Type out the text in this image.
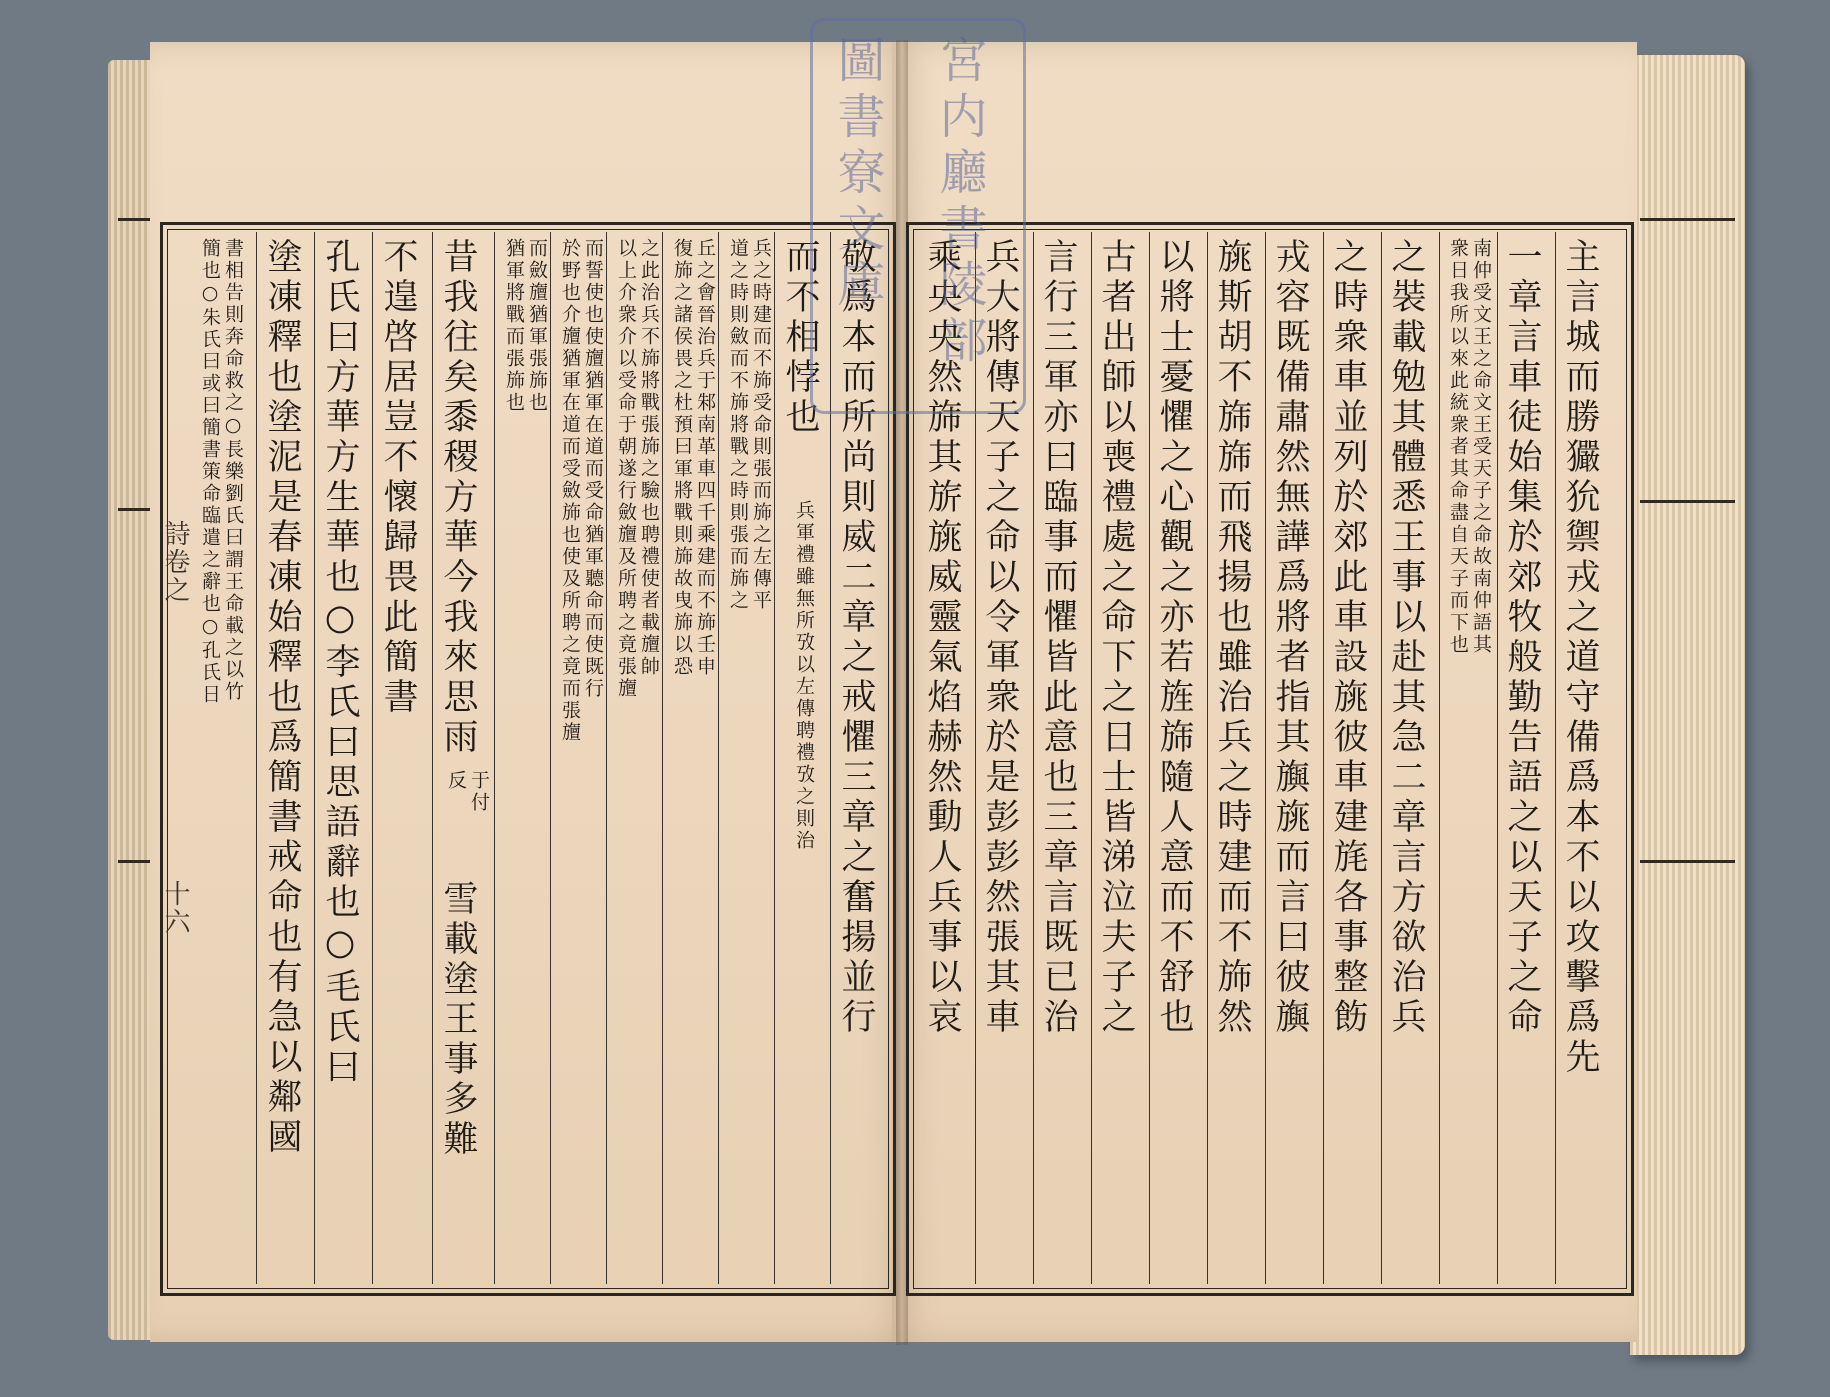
詩卷之
十六	主言城而勝玁狁禦戎之道守備爲本不以攻擊爲先
一章言車徒始集於郊牧般勤告語之以天子之命
南仲受文王之命文王受天子之命故南仲語其
衆日我所以來此統衆者其命盡自天子而下也
之裝載勉其體悉王事以赴其急二章言方欲治兵
之時衆車並列於郊此車設旐彼車建旄各事整飭
戎容既備肅然無譁爲將者指其旟旐而言曰彼旟
旐斯胡不旆旆而飛揚也雖治兵之時建而不斾然
以將士憂懼之心觀之亦若旌旆隨人意而不舒也
古者出師以喪禮處之命下之日士皆涕泣夫子之
言行三軍亦曰臨事而懼皆此意也三章言既已治
兵大將傳天子之命以令軍衆於是彭彭然張其車
乘央央然旆其旂旐威靈氣焰赫然動人兵事以哀
敬爲本而所尚則威二章之戒懼三章之奮揚並行
而不相悖也
兵軍禮雖無所攷以左傳聘禮攷之則治
兵之時建而不斾受命則張而斾之左傳平
道之時則斂而不斾將戰之時則張而斾之
丘之會晉治兵于邾南革車四千乘建而不斾壬申
復斾之諸侯畏之杜預曰軍將戰則斾故曳斾以恐
之此治兵不斾將戰張斾之驗也聘禮使者載旜帥
以上介衆介以受命于朝遂行斂旜及所聘之竟張旜
而誓使也使旜猶軍在道而受命猶軍聽命而使既行
於野也介旜猶軍在道而受斂斾也使及所聘之竟而張旜
而斂旜猶軍張斾也
猶軍將戰而張斾也
昔我往矣黍稷方華今我來思雨
于付
反
雪載塗王事多難
不遑啓居豈不懷歸畏此簡書
孔氏曰方華方生華也○李氏曰思語辭也○毛氏曰
塗凍釋也塗泥是春凍始釋也爲簡書戒命也有急以鄰國
書相告則奔命救之○長樂劉氏曰謂王命載之以竹
簡也○朱氏曰或曰簡書策命臨遣之辭也○孔氏日
宮内廳書陵部
圖書寮文庫
